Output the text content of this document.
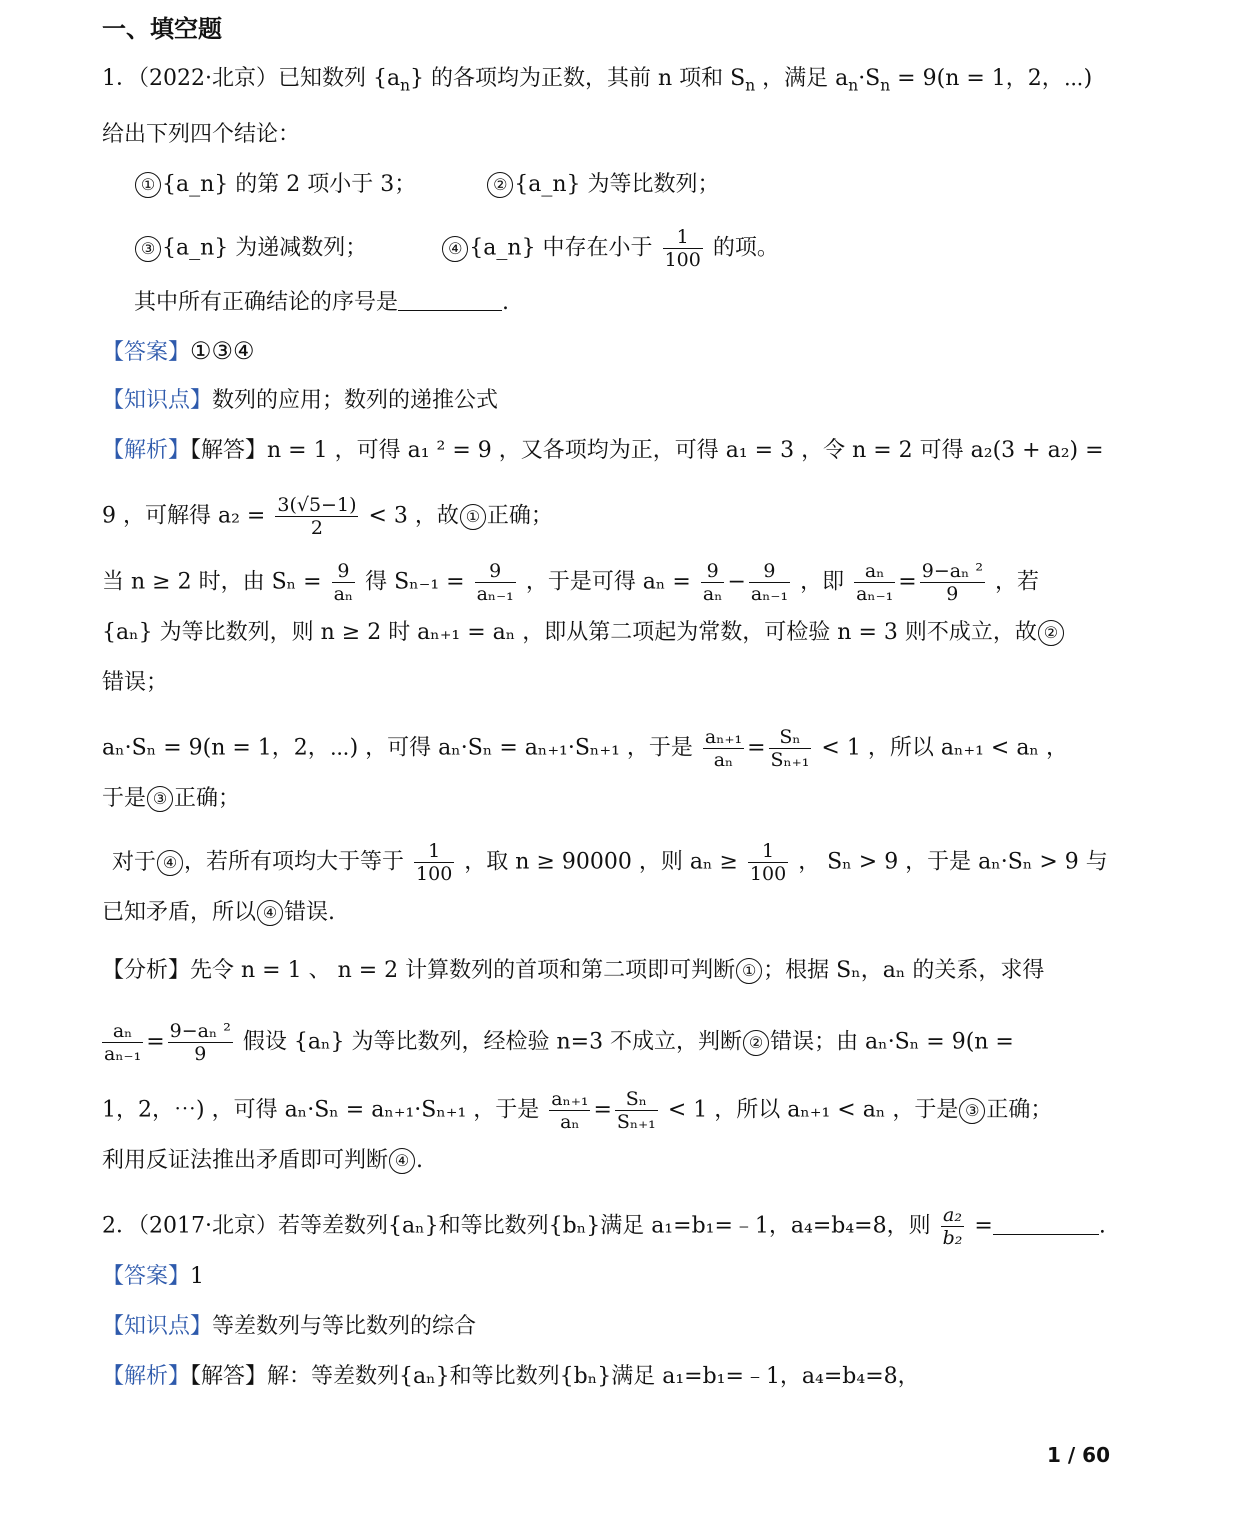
一、填空题
1．（2022·北京）已知数列 $\{a_n\}$ 的各项均为正数，其前 n 项和 $S_n$ ，满足 $a_n\cdot S_n = 9(n = 1$，2，⋯)
给出下列四个结论：
① {a_n} 的第 2 项小于 3；	② {a_n} 为等比数列；
③ {a_n} 为递减数列；	④ {a_n} 中存在小于 $\frac{1}{100}$ 的项。
其中所有正确结论的序号是	.
【答案】①③④
【知识点】数列的应用；数列的递推公式
【解析】【解答】n = 1 ，可得 a₁ ² = 9 ，又各项均为正，可得 a₁ = 3 ，令 n = 2 可得 a₂(3 + a₂) =
9 ，可解得 $a_2 = \frac{3(√5-1)}{2} < 3$ ，故 ① 正确；
当 n ≥ 2 时，由 $S_n = \frac{9}{\text{aₙ}}$ 得 $S_{n-1} = \frac{9}{\text{aₙ₋₁}}$ ，于是可得 $a_n = \frac{9}{\text{aₙ}} - \frac{9}{\text{aₙ₋₁}}$ ，即 $\frac{\text{aₙ}}{\text{aₙ₋₁}} = \frac{\text{9−aₙ ²}}{9}$ ，若
{aₙ} 为等比数列，则 n ≥ 2 时 aₙ₊₁ = aₙ ，即从第二项起为常数，可检验 n = 3 则不成立，故 ②
错误；
aₙ·Sₙ = 9(n = 1，2，⋯) ，可得 aₙ·Sₙ = aₙ₊₁·Sₙ₊₁ ，于是 $\frac{\text{aₙ₊₁}}{\text{aₙ}} = \frac{\text{Sₙ}}{\text{Sₙ₊₁}} < 1$ ，所以 aₙ₊₁ < aₙ ，
于是 ③ 正确；
对于 ④ ，若所有项均大于等于 $\frac{1}{100}$ ，取 n ≥ 90000 ，则 $a_n \ge \frac{1}{100}$ ， Sₙ > 9 ，于是 aₙ·Sₙ > 9 与
已知矛盾，所以 ④ 错误.
【分析】先令 n = 1 、 n = 2 计算数列的首项和第二项即可判断 ① ；根据 Sₙ，aₙ 的关系，求得
$\frac{\text{aₙ}}{\text{aₙ₋₁}} = \frac{\text{9−aₙ ²}}{9}$ 假设 {aₙ} 为等比数列，经检验 n=3 不成立，判断 ② 错误；由 aₙ·Sₙ = 9(n =
1，2，⋯) ，可得 aₙ·Sₙ = aₙ₊₁·Sₙ₊₁ ，于是 $\frac{\text{aₙ₊₁}}{\text{aₙ}} = \frac{\text{Sₙ}}{\text{Sₙ₊₁}} < 1$ ，所以 aₙ₊₁ < aₙ ，于是 ③ 正确；
利用反证法推出矛盾即可判断 ④ .
2．（2017·北京）若等差数列{aₙ}和等比数列{bₙ}满足 a₁=b₁=﹣1，a₄=b₄=8，则 $\frac{\text{a₂}}{\text{b₂}}$ =	.
【答案】1
【知识点】等差数列与等比数列的综合
【解析】【解答】解：等差数列{aₙ}和等比数列{bₙ}满足 a₁=b₁=﹣1，a₄=b₄=8，
1 / 60
